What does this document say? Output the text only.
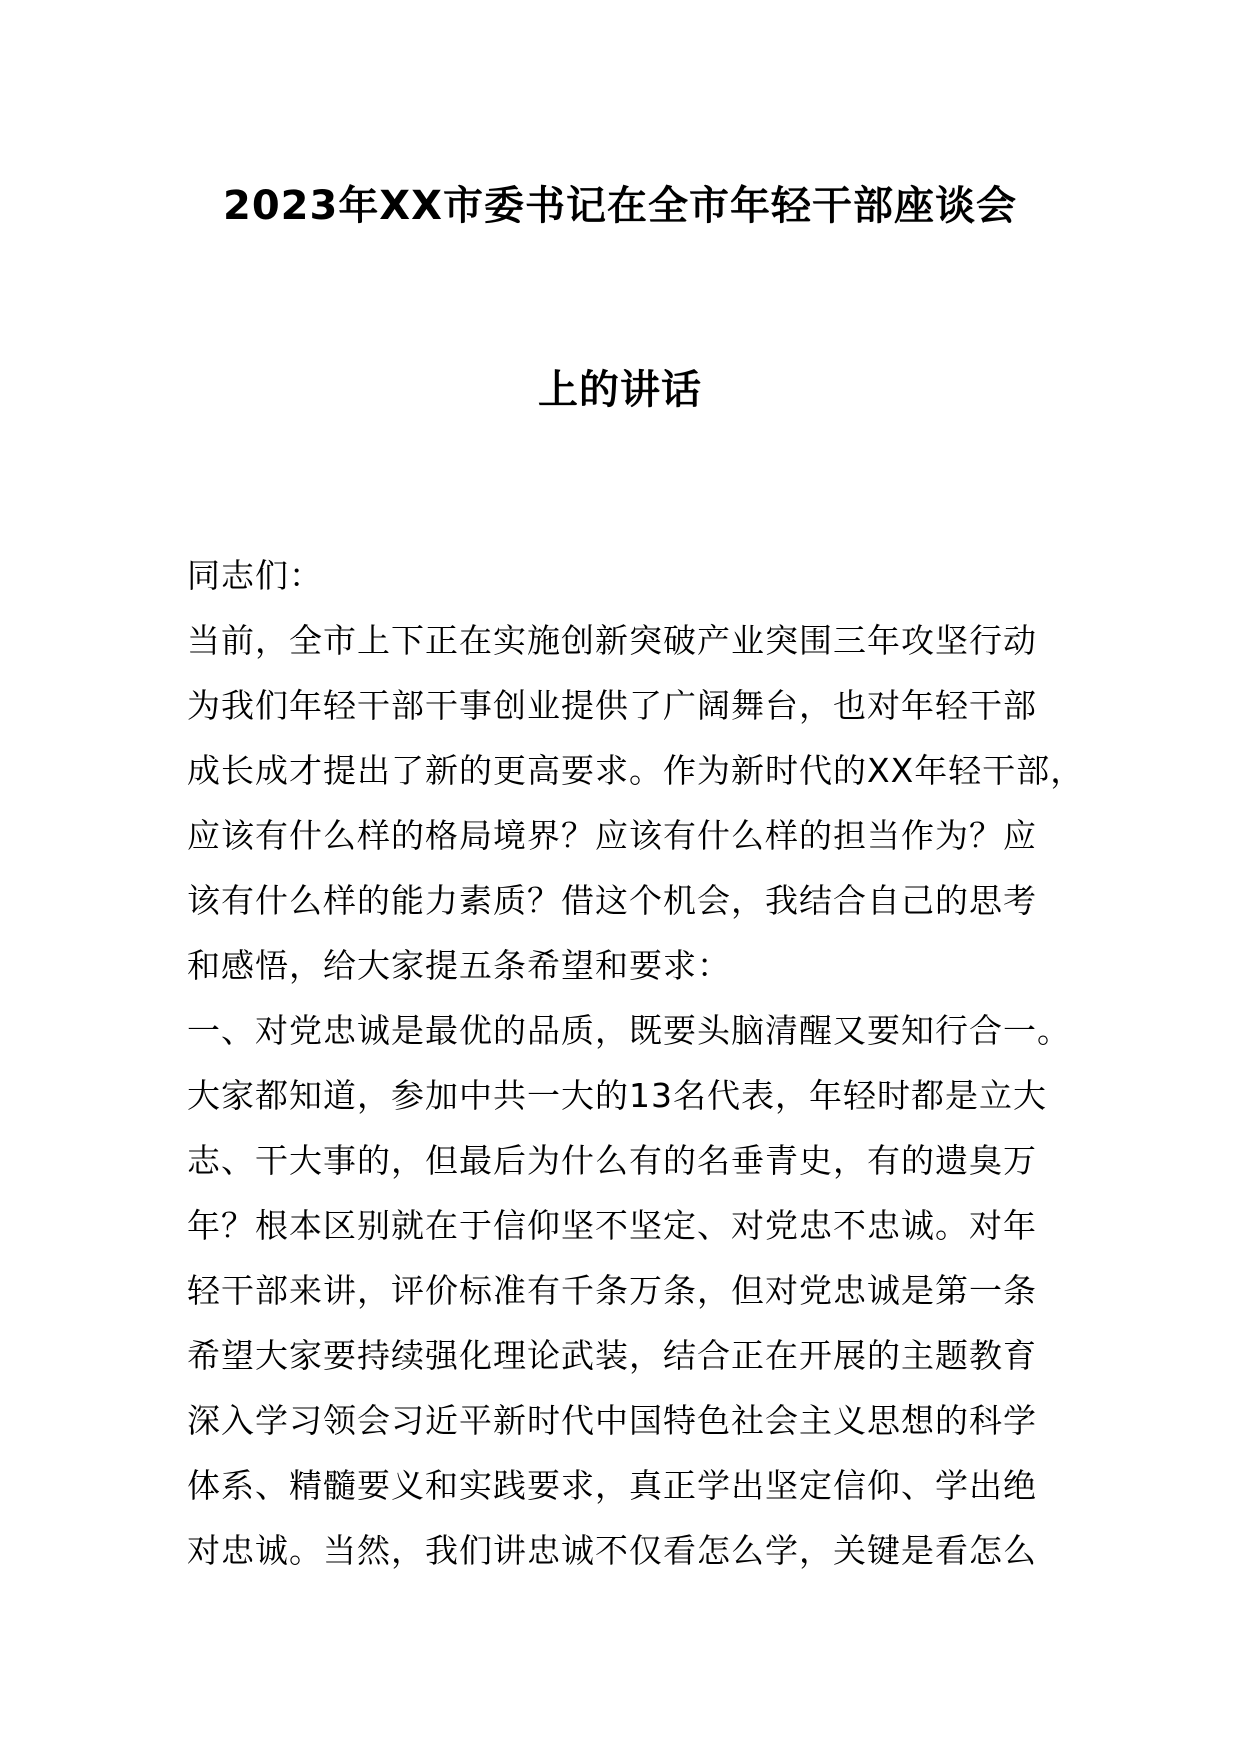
2023年XX市委书记在全市年轻干部座谈会
上的讲话
同志们：
当前，全市上下正在实施创新突破产业突围三年攻坚行动
为我们年轻干部干事创业提供了广阔舞台，也对年轻干部
成长成才提出了新的更高要求。作为新时代的XX年轻干部，
应该有什么样的格局境界？应该有什么样的担当作为？应
该有什么样的能力素质？借这个机会，我结合自己的思考
和感悟，给大家提五条希望和要求：
一、对党忠诚是最优的品质，既要头脑清醒又要知行合一。
大家都知道，参加中共一大的13名代表，年轻时都是立大
志、干大事的，但最后为什么有的名垂青史，有的遗臭万
年？根本区别就在于信仰坚不坚定、对党忠不忠诚。对年
轻干部来讲，评价标准有千条万条，但对党忠诚是第一条
希望大家要持续强化理论武装，结合正在开展的主题教育
深入学习领会习近平新时代中国特色社会主义思想的科学
体系、精髓要义和实践要求，真正学出坚定信仰、学出绝
对忠诚。当然，我们讲忠诚不仅看怎么学，关键是看怎么
